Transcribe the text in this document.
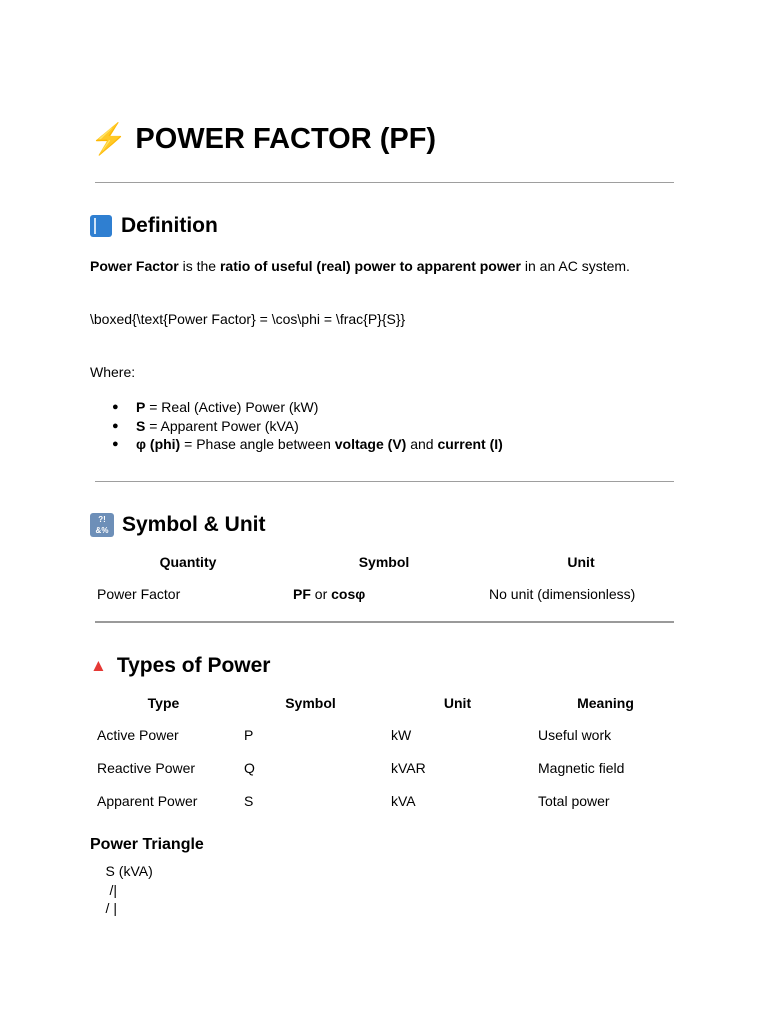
⚡ POWER FACTOR (PF)
Definition

Power Factor is the ratio of useful (real) power to apparent power in an AC system.

\boxed{\text{Power Factor} = \cos\phi = \frac{P}{S}}

Where:

● P = Real (Active) Power (kW)
● S = Apparent Power (kVA)
● φ (phi) = Phase angle between voltage (V) and current (I)
?!
&% Symbol & Unit
Quantity	Symbol	Unit
Power Factor	PF or cosφ	No unit (dimensionless)
▲ Types of Power
Type	Symbol	Unit	Meaning
Active Power	P	kW	Useful work
Reactive Power	Q	kVAR	Magnetic field
Apparent Power	S	kVA	Total power
Power Triangle
S (kVA)
/|
/ |
